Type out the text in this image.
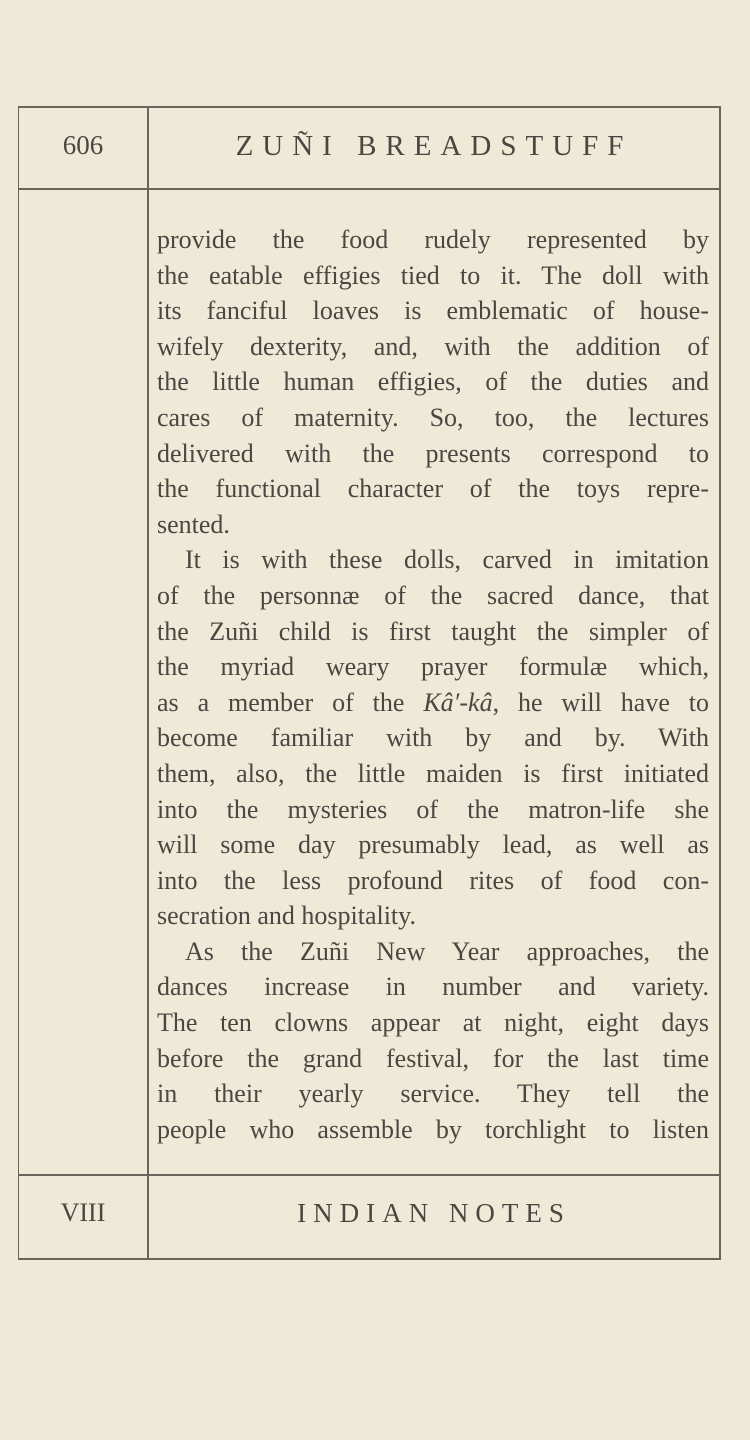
606	ZUÑI BREADSTUFF
VIII	INDIAN NOTES
provide the food rudely represented by
the eatable effigies tied to it. The doll with
its fanciful loaves is emblematic of house-
wifely dexterity, and, with the addition of
the little human effigies, of the duties and
cares of maternity. So, too, the lectures
delivered with the presents correspond to
the functional character of the toys repre-
sented.
It is with these dolls, carved in imitation
of the personnæ of the sacred dance, that
the Zuñi child is first taught the simpler of
the myriad weary prayer formulæ which,
as a member of the Kâ′-kâ, he will have to
become familiar with by and by. With
them, also, the little maiden is first initiated
into the mysteries of the matron-life she
will some day presumably lead, as well as
into the less profound rites of food con-
secration and hospitality.
As the Zuñi New Year approaches, the
dances increase in number and variety.
The ten clowns appear at night, eight days
before the grand festival, for the last time
in their yearly service. They tell the
people who assemble by torchlight to listen
